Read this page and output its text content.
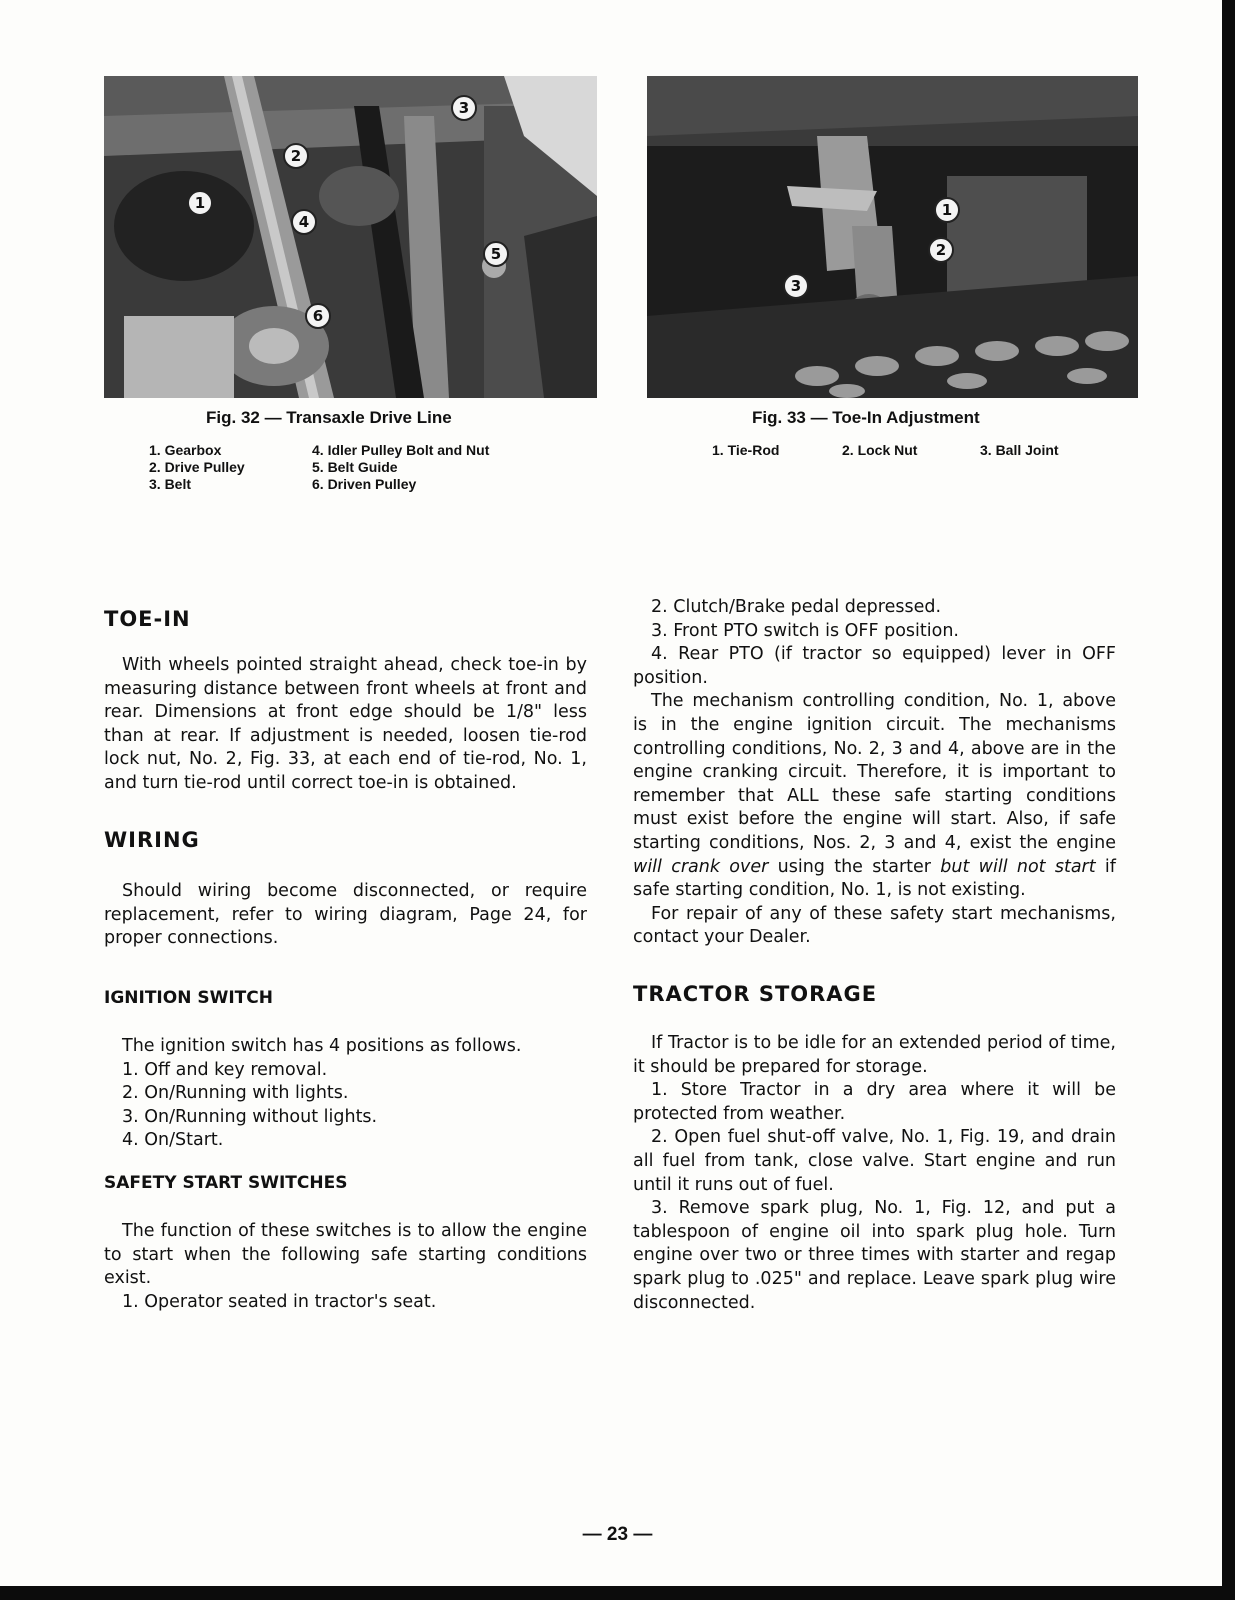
1
2
3
4
5
6
1
2
3
Fig. 32 — Transaxle Drive Line
1. Gearbox
2. Drive Pulley
3. Belt
4. Idler Pulley Bolt and Nut
5. Belt Guide
6. Driven Pulley
Fig. 33 — Toe-In Adjustment
1. Tie-Rod	2. Lock Nut	3. Ball Joint
TOE-IN

With wheels pointed straight ahead, check toe-in by measuring distance between front wheels at front and rear. Dimensions at front edge should be 1/8" less than at rear. If adjustment is needed, loosen tie-rod lock nut, No. 2, Fig. 33, at each end of tie-rod, No. 1, and turn tie-rod until correct toe-in is obtained.

WIRING

Should wiring become disconnected, or require replacement, refer to wiring diagram, Page 24, for proper connections.

IGNITION SWITCH

The ignition switch has 4 positions as follows.

1. Off and key removal.

2. On/Running with lights.

3. On/Running without lights.

4. On/Start.

SAFETY START SWITCHES

The function of these switches is to allow the engine to start when the following safe starting conditions exist.

1. Operator seated in tractor's seat.

2. Clutch/Brake pedal depressed.

3. Front PTO switch is OFF position.

4. Rear PTO (if tractor so equipped) lever in OFF position.

The mechanism controlling condition, No. 1, above is in the engine ignition circuit. The mechanisms controlling conditions, No. 2, 3 and 4, above are in the engine cranking circuit. Therefore, it is important to remember that ALL these safe starting conditions must exist before the engine will start. Also, if safe starting conditions, Nos. 2, 3 and 4, exist the engine will crank over using the starter but will not start if safe starting condition, No. 1, is not existing.

For repair of any of these safety start mechanisms, contact your Dealer.

TRACTOR STORAGE

If Tractor is to be idle for an extended period of time, it should be prepared for storage.

1. Store Tractor in a dry area where it will be protected from weather.

2. Open fuel shut-off valve, No. 1, Fig. 19, and drain all fuel from tank, close valve. Start engine and run until it runs out of fuel.

3. Remove spark plug, No. 1, Fig. 12, and put a tablespoon of engine oil into spark plug hole. Turn engine over two or three times with starter and regap spark plug to .025" and replace. Leave spark plug wire disconnected.

— 23 —
